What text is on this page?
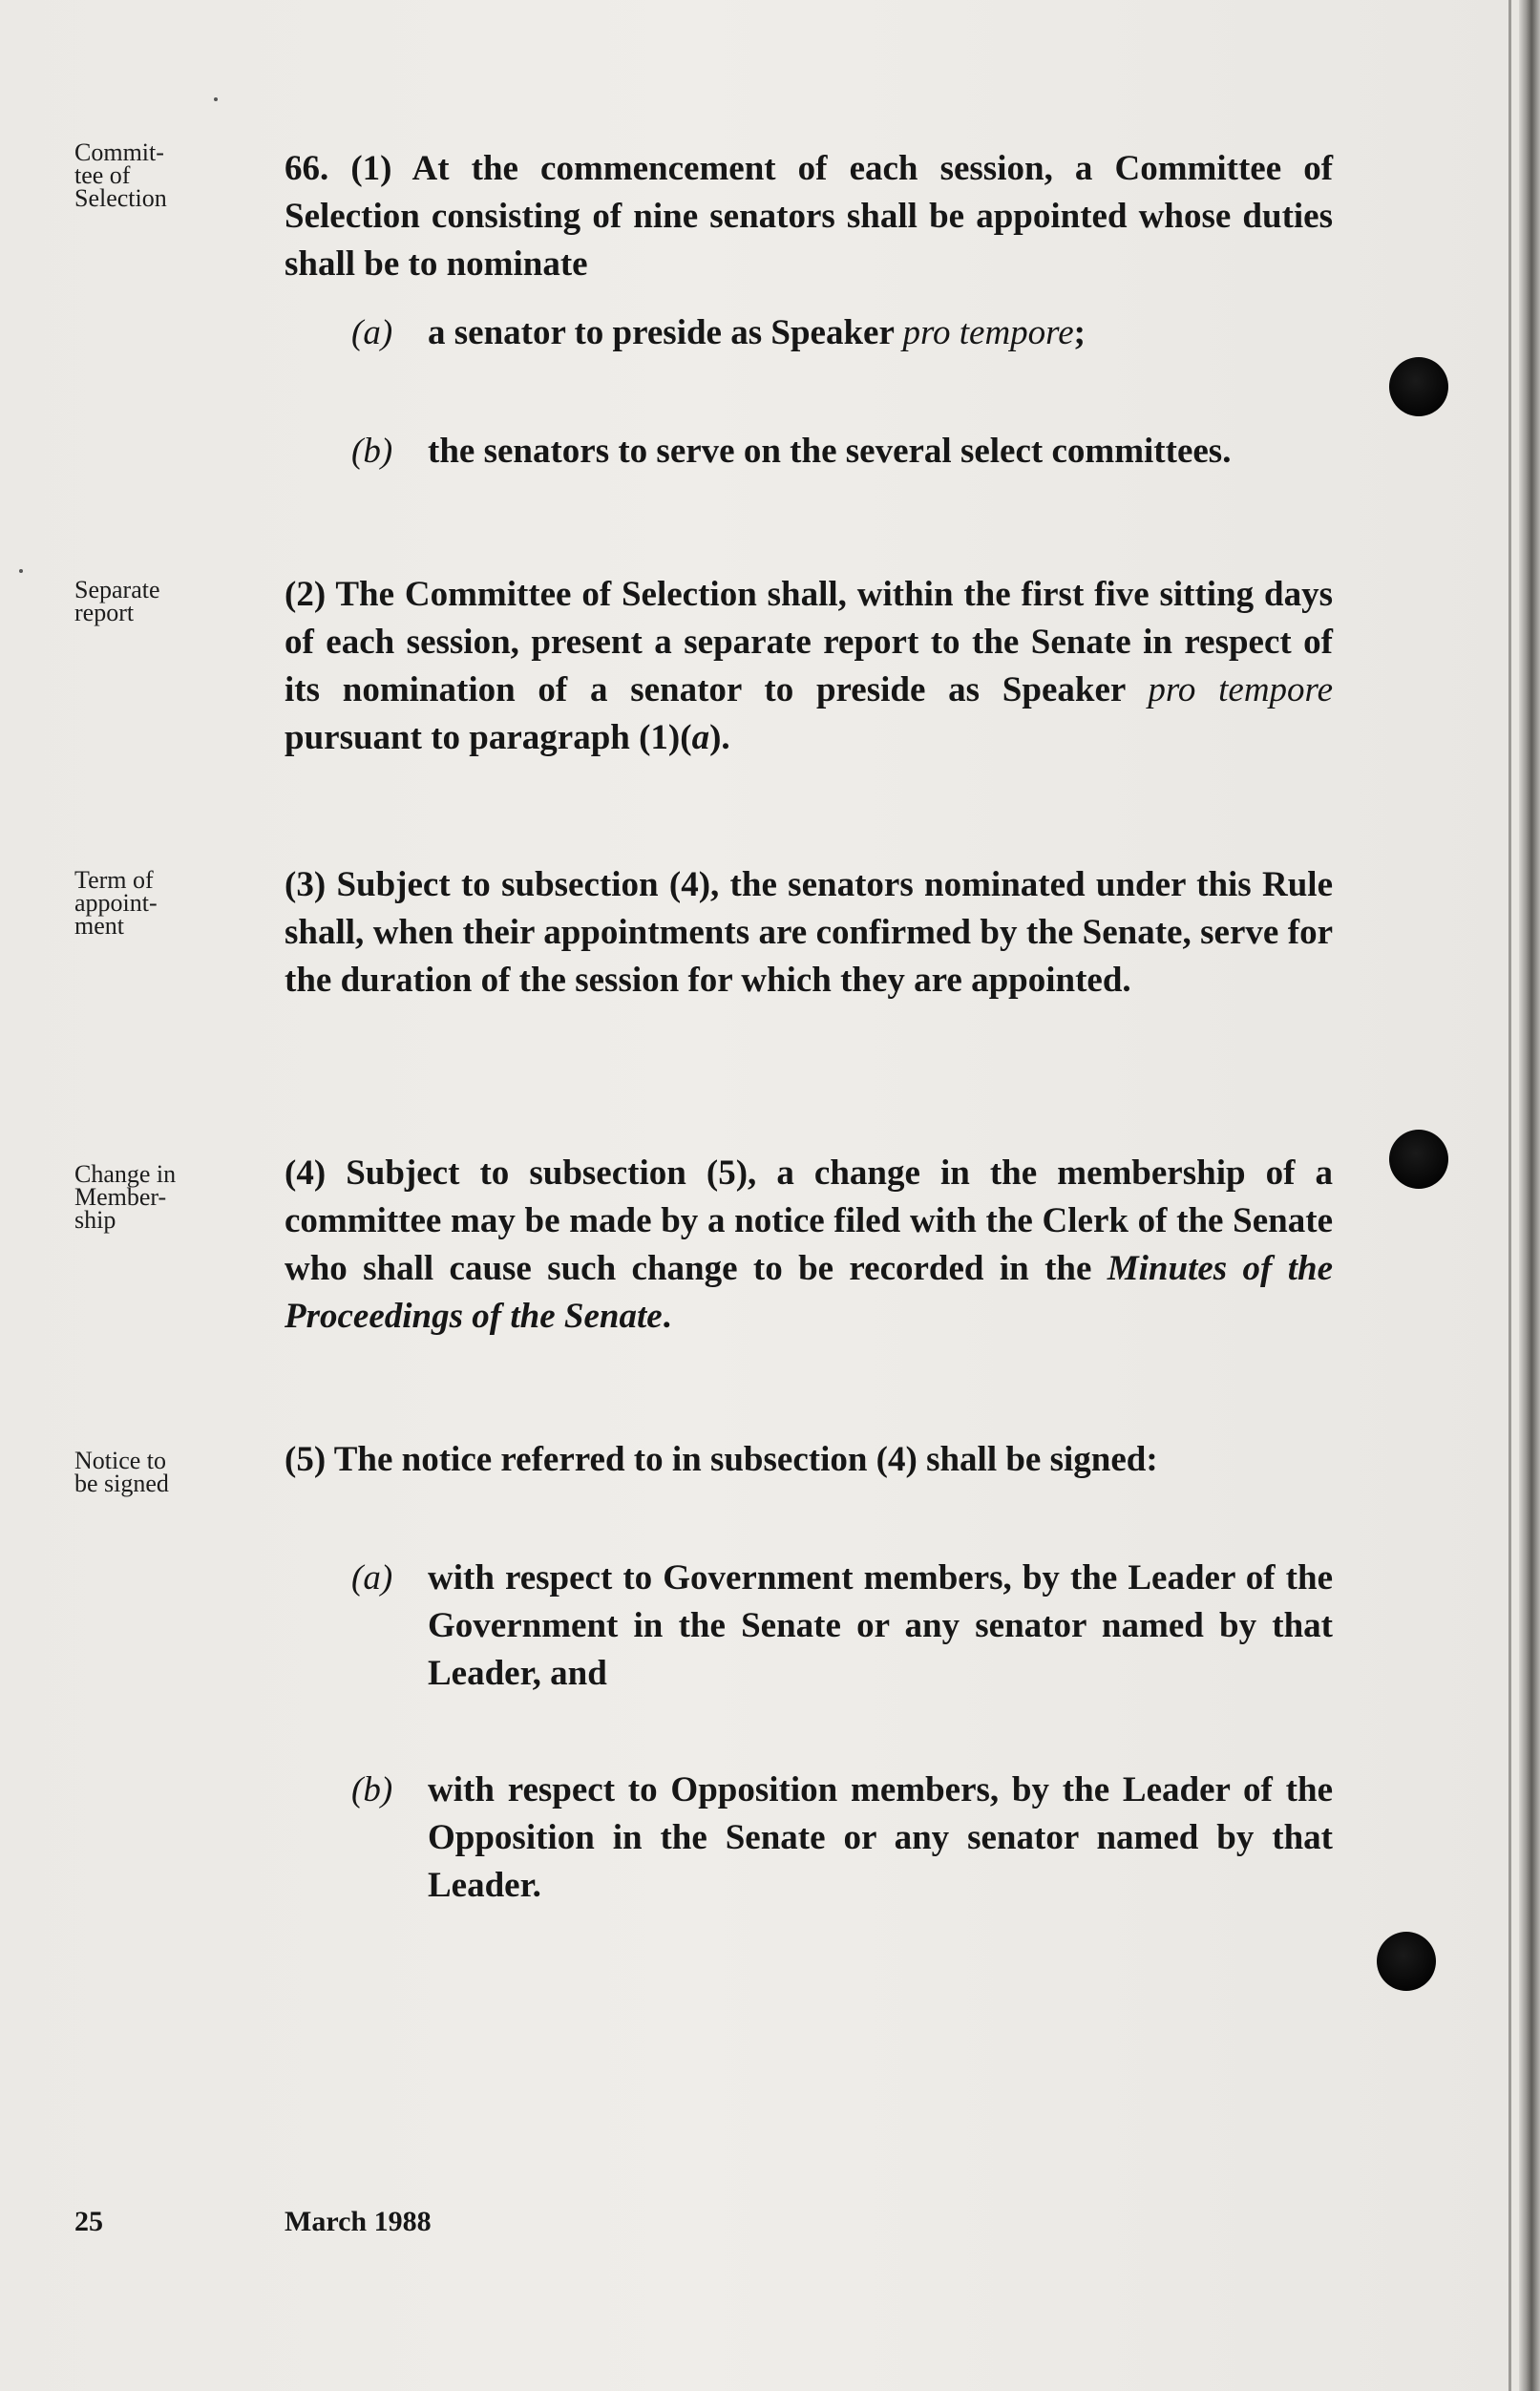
Commit-
tee of
Selection
Separate
report
Term of
appoint-
ment
Change in
Member-
ship
Notice to
be signed
66. (1) At the commencement of each session, a Committee of Selection consisting of nine senators shall be appointed whose duties shall be to nominate
(a) a senator to preside as Speaker pro tempore;
(b) the senators to serve on the several select committees.
(2) The Committee of Selection shall, within the first five sitting days of each session, present a separate report to the Senate in respect of its nomination of a senator to preside as Speaker pro tempore pursuant to paragraph (1)(a).
(3) Subject to subsection (4), the senators nominated under this Rule shall, when their appointments are confirmed by the Senate, serve for the duration of the session for which they are appointed.
(4) Subject to subsection (5), a change in the membership of a committee may be made by a notice filed with the Clerk of the Senate who shall cause such change to be recorded in the Minutes of the Proceedings of the Senate.
(5) The notice referred to in subsection (4) shall be signed:
(a) with respect to Government members, by the Leader of the Government in the Senate or any senator named by that Leader, and
(b) with respect to Opposition members, by the Leader of the Opposition in the Senate or any senator named by that Leader.
25	March 1988
